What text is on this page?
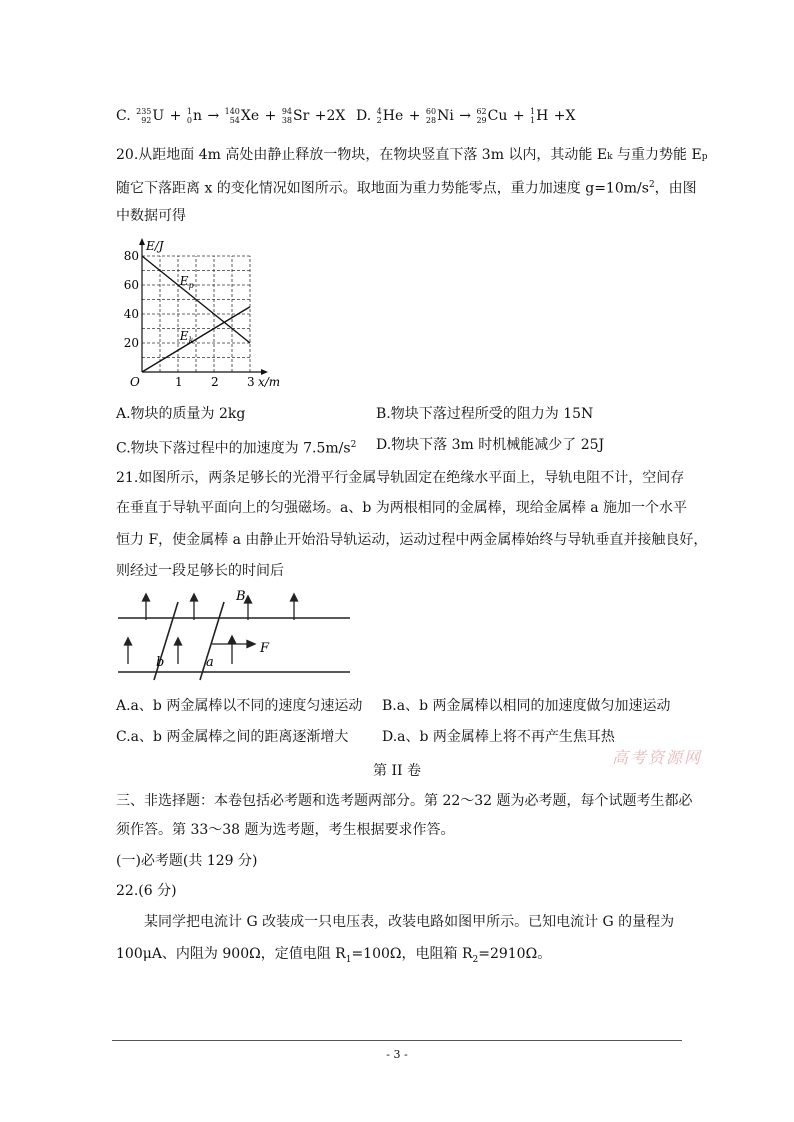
C. 235
92 U + 1
0 n → 140
54 Xe + 94
38 Sr +2X D. 4
2 He + 60
28 Ni → 62
29 Cu + 1
1 H +X
20.从距地面 4m 高处由静止释放一物块，在物块竖直下落 3m 以内，其动能 Ek 与重力势能 Ep
随它下落距离 x 的变化情况如图所示。取地面为重力势能零点，重力加速度 $g=10m/s^2$，由图
中数据可得
1 2 3
20
40
60
80
O
E/J
x/m
$E_p$
$E_k$
A.物块的质量为 2kg	B.物块下落过程所受的阻力为 15N
C.物块下落过程中的加速度为 $7.5m/s^2$ D.物块下落 3m 时机械能减少了 25J
21.如图所示，两条足够长的光滑平行金属导轨固定在绝缘水平面上，导轨电阻不计，空间存
在垂直于导轨平面向上的匀强磁场。a、b 为两根相同的金属棒，现给金属棒 a 施加一个水平
恒力 F，使金属棒 a 由静止开始沿导轨运动，运动过程中两金属棒始终与导轨垂直并接触良好，
则经过一段足够长的时间后
B
F
b	a
A.a、b 两金属棒以不同的速度匀速运动 B.a、b 两金属棒以相同的加速度做匀加速运动
C.a、b 两金属棒之间的距离逐渐增大 D.a、b 两金属棒上将不再产生焦耳热
高考资源网
第 II 卷
三、非选择题：本卷包括必考题和选考题两部分。第 22～32 题为必考题，每个试题考生都必
须作答。第 33～38 题为选考题，考生根据要求作答。
(一)必考题(共 129 分)
22.(6 分)
某同学把电流计 G 改装成一只电压表，改装电路如图甲所示。已知电流计 G 的量程为
100μA、内阻为 900Ω，定值电阻 $R_1=100\Omega$，电阻箱 $R_2=2910\Omega$。
- 3 -
